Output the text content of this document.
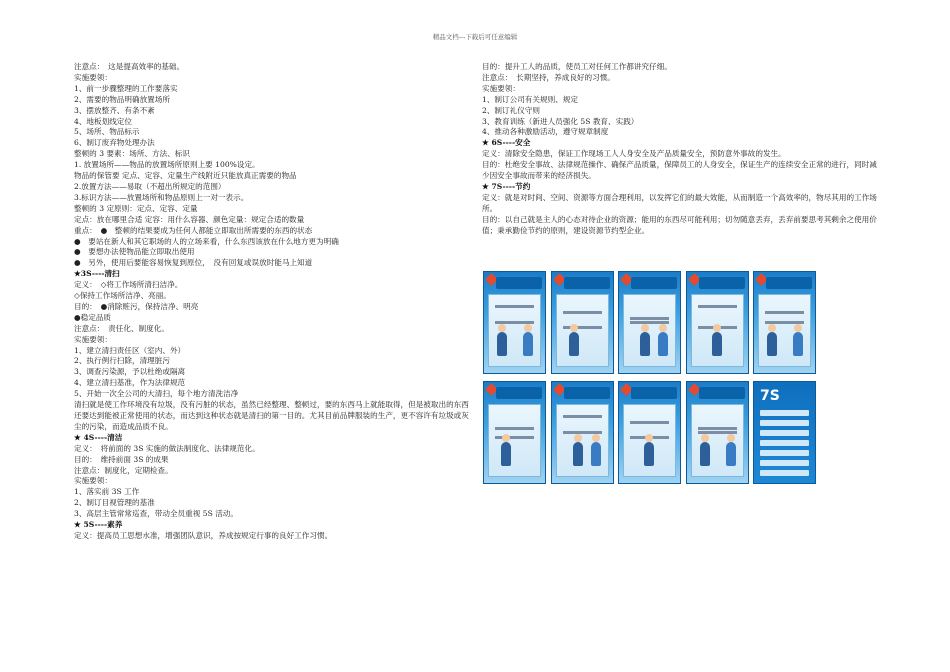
精品文档---下载后可任意编辑
注意点：　这是提高效率的基础。
实施要领：
1、前一步骤整理的工作要落实
2、需要的物品明确放置场所
3、摆放整齐、有条不紊
4、地板划线定位
5、场所、物品标示
6、制订废弃物处理办法
整顿的 3 要素：场所、方法、标识
1. 放置场所——物品的放置场所原则上要 100%设定。
物品的保管要 定点、定容、定量生产线附近只能放真正需要的物品
2.放置方法——易取（不超出所规定的范围）
3.标识方法——放置场所和物品原则上一对一表示。
整顿的 3 定原则：定点、定容、定量
定点：放在哪里合适 定容：用什么容器、颜色定量：规定合适的数量
重点：　●　整顿的结果要成为任何人都能立即取出所需要的东西的状态
●　要站在新人和其它职场的人的立场来看，什么东西该放在什么地方更为明确
●　要想办法使物品能立即取出使用
●　另外，使用后要能容易恢复到原位，　没有回复或误放时能马上知道
★3S----清扫
定义：　◇将工作场所清扫洁净。
◇保持工作场所洁净、亮丽。
目的：　●消除赃污，保持洁净、明亮
●稳定品质
注意点：　责任化、制度化。
实施要领：
1、建立清扫责任区（室内、外）
2、执行例行扫除，清理脏污
3、调查污染源，予以杜绝或隔离
4、建立清扫基准，作为法律规范
5、开始一次全公司的大清扫，每个地方清洗洁净
清扫就是使工作环境没有垃圾，没有污脏的状态，虽然已经整理、整顿过，要的东西马上就能取得，但是被取出的东西还要达到能被正常使用的状态，而达到这种状态就是清扫的第一目的。尤其目前品牌服装的生产，更不容许有垃圾或灰尘的污染，而造成品质不良。
★ 4S----清洁
定义：　将前面的 3S 实施的做法制度化、法律规范化。
目的：　维持前面 3S 的成果
注意点：制度化，定期检查。
实施要领：
1、落实前 3S 工作
2、制订目视管理的基准
3、高层主管常常巡查，带动全员重视 5S 活动。
★ 5S----素养
定义：提高员工思想水准，增强团队意识，养成按规定行事的良好工作习惯。
目的：提升工人的品质，使员工对任何工作都讲究仔细。
注意点：　长期坚持，养成良好的习惯。
实施要领：
1、制订公司有关规则、规定
2、制订礼仪守则
3、教育训练（新进人员强化 5S 教育、实践）
4、推动各种激励活动，遵守规章制度
★ 6S----安全
定义：清除安全隐患，保证工作现场工人人身安全及产品质量安全，预防意外事故的发生。
目的：杜绝安全事故、法律规范操作、确保产品质量，保障员工的人身安全，保证生产的连续安全正常的进行，同时减少因安全事故而带来的经济损失。
★ 7S----节约
定义：就是对时间、空间、资源等方面合理利用，以发挥它们的最大效能，从而制造一个高效率的，物尽其用的工作场所。
目的：以自己就是主人的心态对待企业的资源；能用的东西尽可能利用；切勿随意丢弃，丢弃前要思考其剩余之使用价值；秉承勤俭节约的原则，建设资源节约型企业。
7S
